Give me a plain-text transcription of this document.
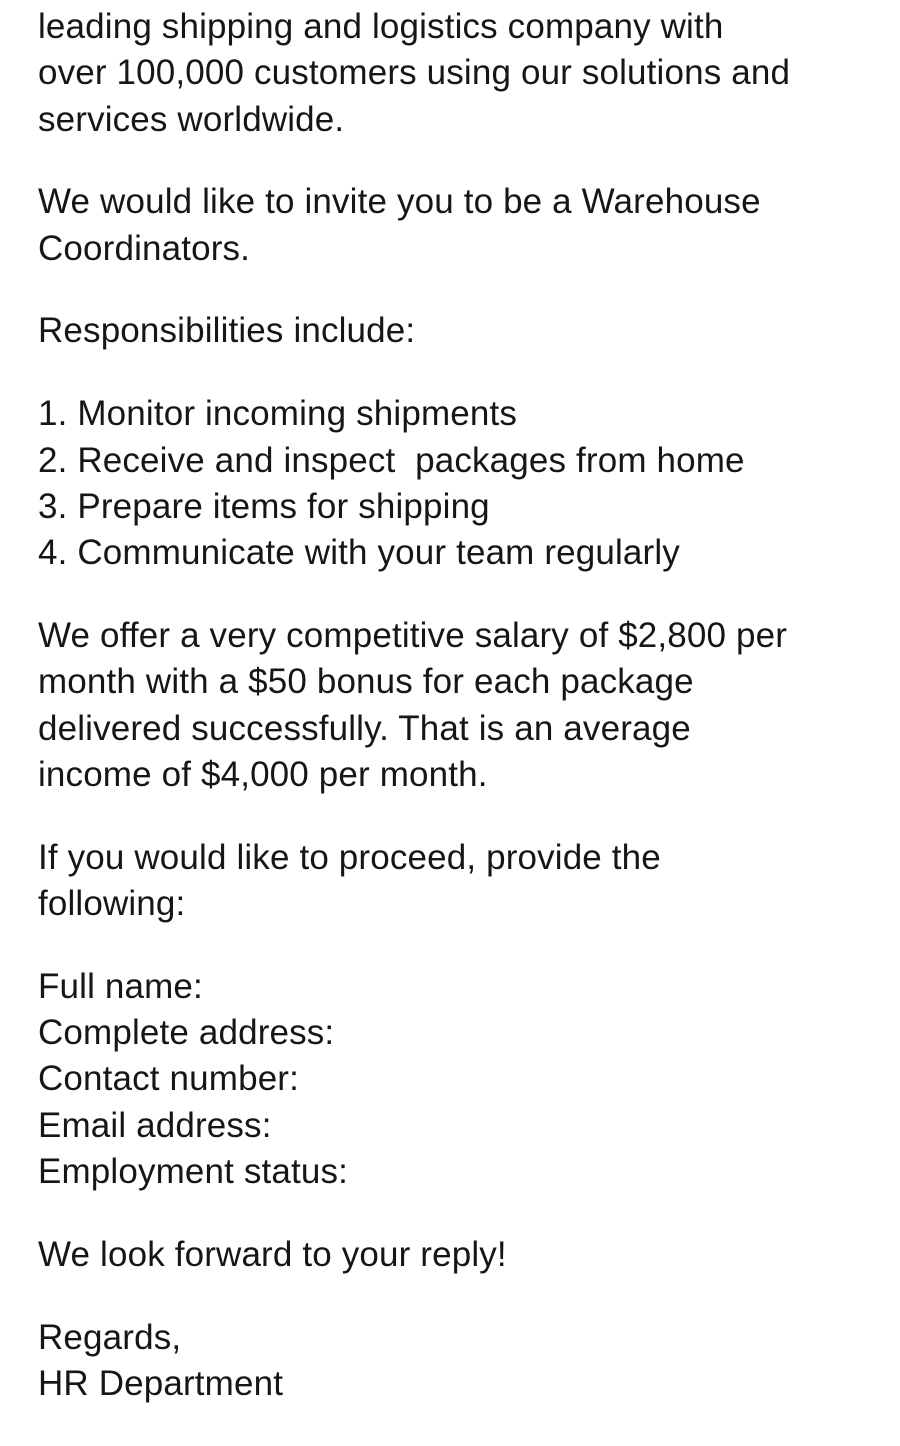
leading shipping and logistics company with
over 100,000 customers using our solutions and
services worldwide.
We would like to invite you to be a Warehouse
Coordinators.
Responsibilities include:
1. Monitor incoming shipments
2. Receive and inspect  packages from home
3. Prepare items for shipping
4. Communicate with your team regularly
We offer a very competitive salary of $2,800 per
month with a $50 bonus for each package
delivered successfully. That is an average
income of $4,000 per month.
If you would like to proceed, provide the
following:
Full name:
Complete address:
Contact number:
Email address:
Employment status:
We look forward to your reply!
Regards,
HR Department
